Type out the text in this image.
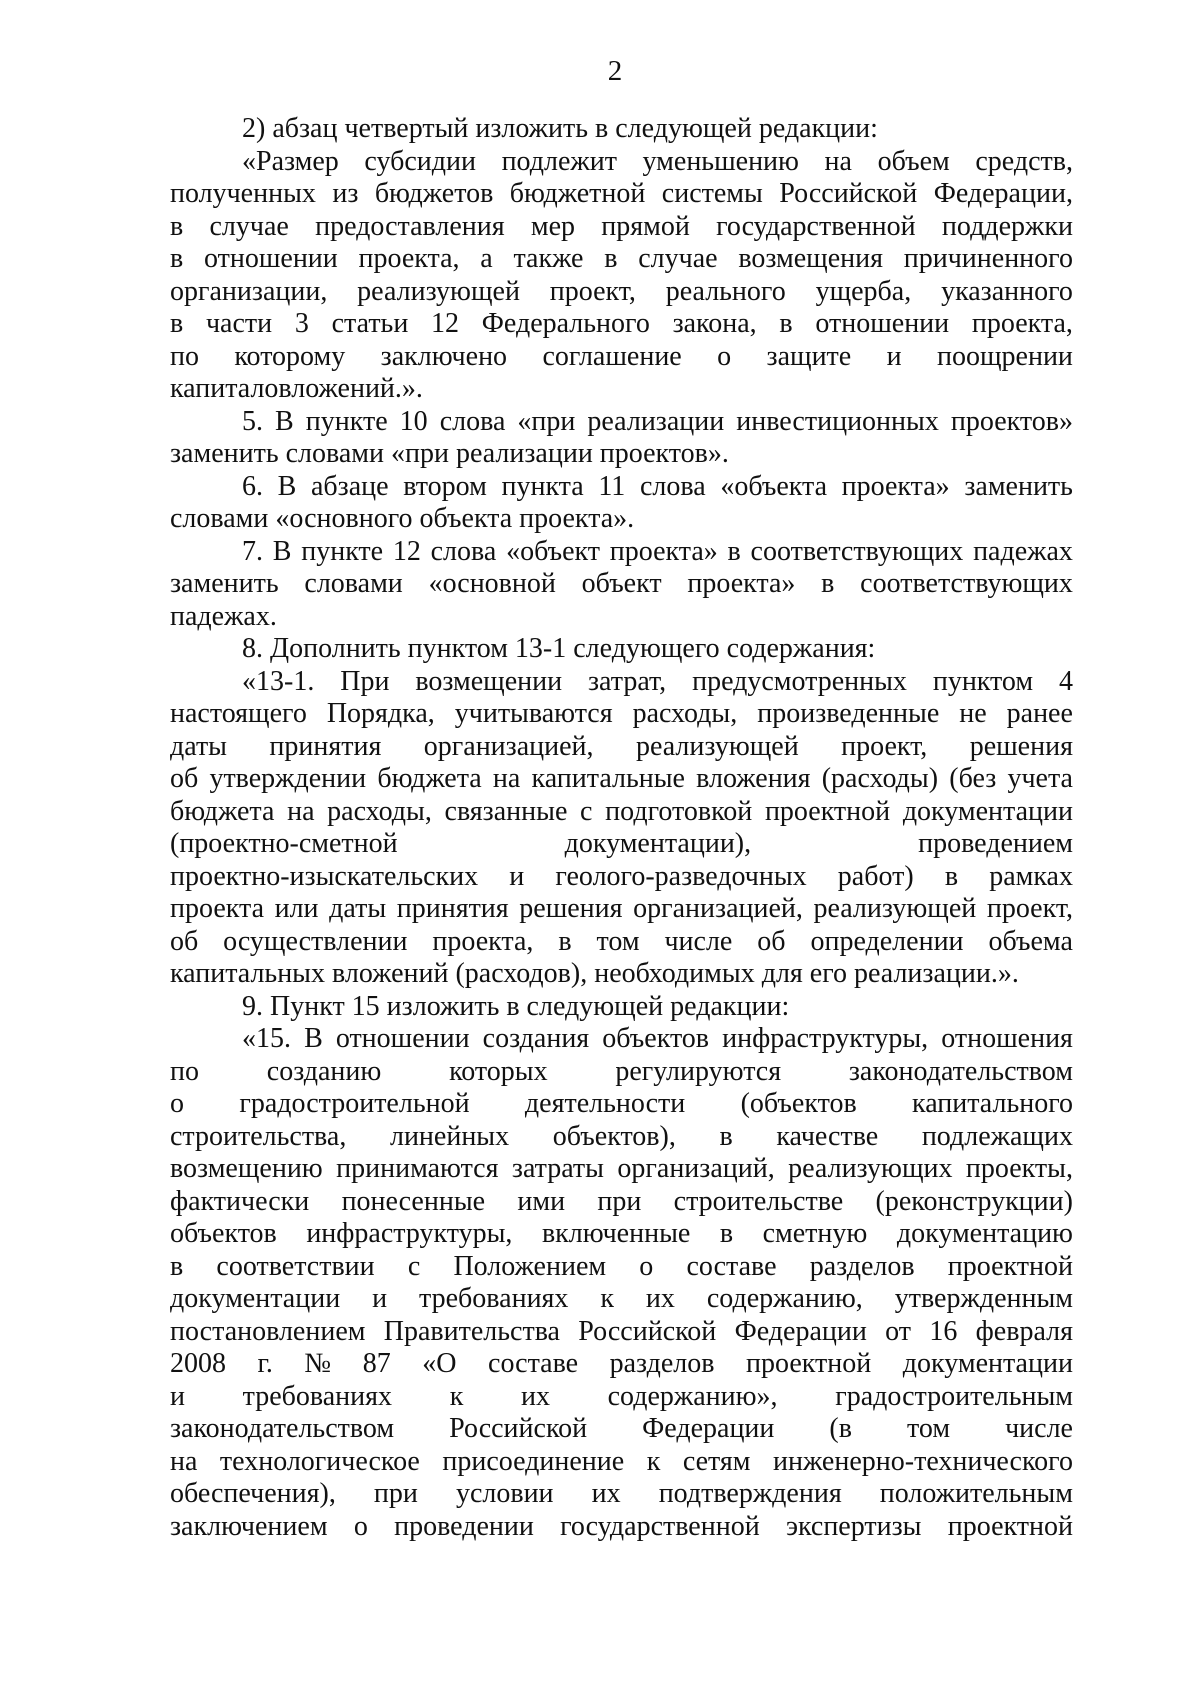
2
2) абзац четвертый изложить в следующей редакции:
«Размер субсидии подлежит уменьшению на объем средств,
полученных из бюджетов бюджетной системы Российской Федерации,
в случае предоставления мер прямой государственной поддержки
в отношении проекта, а также в случае возмещения причиненного
организации, реализующей проект, реального ущерба, указанного
в части 3 статьи 12 Федерального закона, в отношении проекта,
по которому заключено соглашение о защите и поощрении
капиталовложений.».
5. В пункте 10 слова «при реализации инвестиционных проектов»
заменить словами «при реализации проектов».
6. В абзаце втором пункта 11 слова «объекта проекта» заменить
словами «основного объекта проекта».
7. В пункте 12 слова «объект проекта» в соответствующих падежах
заменить словами «основной объект проекта» в соответствующих
падежах.
8. Дополнить пунктом 13-1 следующего содержания:
«13-1. При возмещении затрат, предусмотренных пунктом 4
настоящего Порядка, учитываются расходы, произведенные не ранее
даты принятия организацией, реализующей проект, решения
об утверждении бюджета на капитальные вложения (расходы) (без учета
бюджета на расходы, связанные с подготовкой проектной документации
(проектно-сметной	документации),	проведением
проектно-изыскательских и геолого-разведочных работ) в рамках
проекта или даты принятия решения организацией, реализующей проект,
об осуществлении проекта, в том числе об определении объема
капитальных вложений (расходов), необходимых для его реализации.».
9. Пункт 15 изложить в следующей редакции:
«15. В отношении создания объектов инфраструктуры, отношения
по созданию которых регулируются законодательством
о градостроительной деятельности (объектов капитального
строительства, линейных объектов), в качестве подлежащих
возмещению принимаются затраты организаций, реализующих проекты,
фактически понесенные ими при строительстве (реконструкции)
объектов инфраструктуры, включенные в сметную документацию
в соответствии с Положением о составе разделов проектной
документации и требованиях к их содержанию, утвержденным
постановлением Правительства Российской Федерации от 16 февраля
2008 г. № 87 «О составе разделов проектной документации
и требованиях к их содержанию», градостроительным
законодательством Российской Федерации (в том числе
на технологическое присоединение к сетям инженерно-технического
обеспечения), при условии их подтверждения положительным
заключением о проведении государственной экспертизы проектной
